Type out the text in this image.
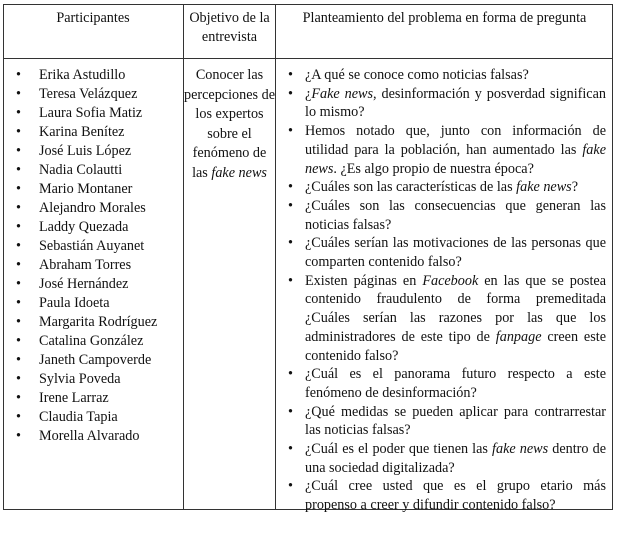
Participantes	Objetivo de la entrevista
Planteamiento del problema en forma de pregunta
• Erika Astudillo
• Teresa Velázquez
• Laura Sofia Matiz
• Karina Benítez
• José Luis López
• Nadia Colautti
• Mario Montaner
• Alejandro Morales
• Laddy Quezada
• Sebastián Auyanet
• Abraham Torres
• José Hernández
• Paula Idoeta
• Margarita Rodríguez
• Catalina González
• Janeth Campoverde
• Sylvia Poveda
• Irene Larraz
• Claudia Tapia
• Morella Alvarado
Conocer las percepciones de los expertos sobre el fenómeno de las fake news
• ¿A qué se conoce como noticias falsas?
• ¿Fake news, desinformación y posverdad significan lo mismo?
• Hemos notado que, junto con información de utilidad para la población, han aumentado las fake news. ¿Es algo propio de nuestra época?
• ¿Cuáles son las características de las fake news?
• ¿Cuáles son las consecuencias que generan las noticias falsas?
• ¿Cuáles serían las motivaciones de las personas que comparten contenido falso?
• Existen páginas en Facebook en las que se postea contenido fraudulento de forma premeditada ¿Cuáles serían las razones por las que los administradores de este tipo de fanpage creen este contenido falso?
• ¿Cuál es el panorama futuro respecto a este fenómeno de desinformación?
• ¿Qué medidas se pueden aplicar para contrarrestar las noticias falsas?
• ¿Cuál es el poder que tienen las fake news dentro de una sociedad digitalizada?
• ¿Cuál cree usted que es el grupo etario más propenso a creer y difundir contenido falso?
